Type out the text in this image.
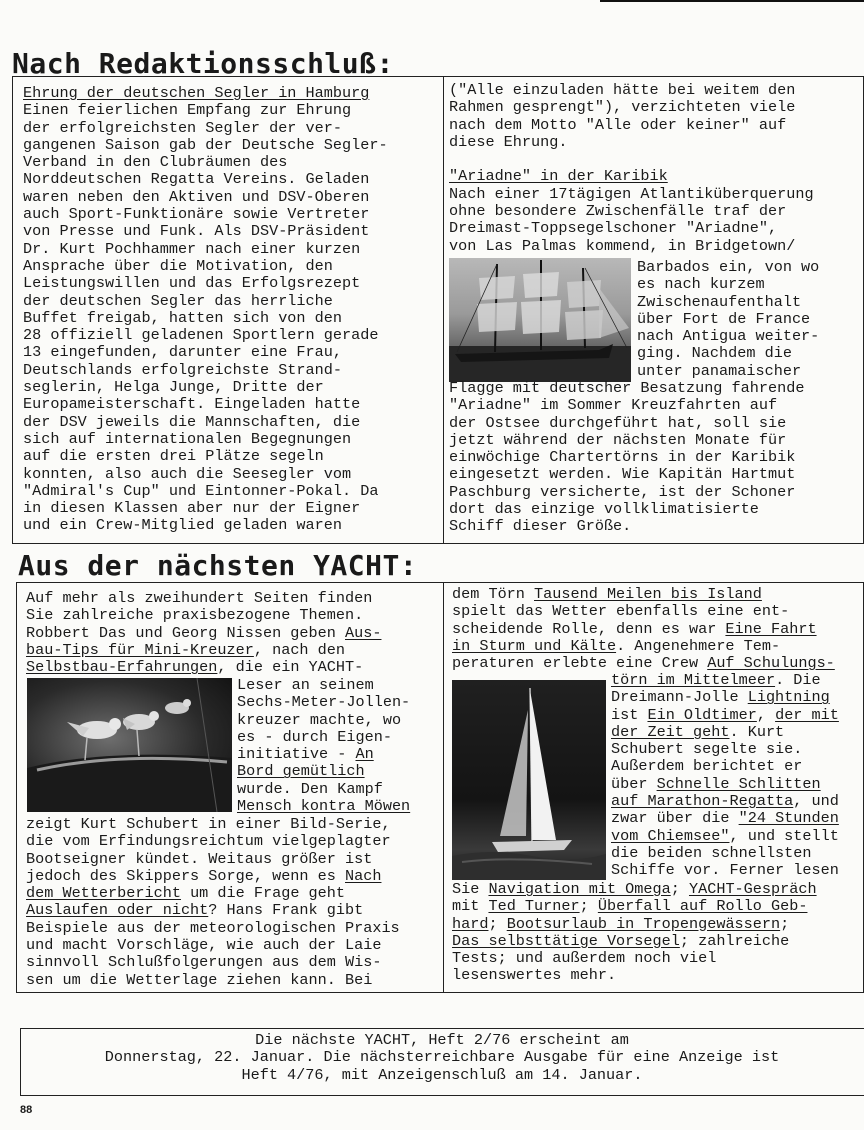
Nach Redaktionsschluß:

Ehrung der deutschen Segler in Hamburg

Einen feierlichen Empfang zur Ehrung

der erfolgreichsten Segler der ver-

gangenen Saison gab der Deutsche Segler-

Verband in den Clubräumen des

Norddeutschen Regatta Vereins. Geladen

waren neben den Aktiven und DSV-Oberen

auch Sport-Funktionäre sowie Vertreter

von Presse und Funk. Als DSV-Präsident

Dr. Kurt Pochhammer nach einer kurzen

Ansprache über die Motivation, den

Leistungswillen und das Erfolgsrezept

der deutschen Segler das herrliche

Buffet freigab, hatten sich von den

28 offiziell geladenen Sportlern gerade

13 eingefunden, darunter eine Frau,

Deutschlands erfolgreichste Strand-

seglerin, Helga Junge, Dritte der

Europameisterschaft. Eingeladen hatte

der DSV jeweils die Mannschaften, die

sich auf internationalen Begegnungen

auf die ersten drei Plätze segeln

konnten, also auch die Seesegler vom

"Admiral's Cup" und Eintonner-Pokal. Da

in diesen Klassen aber nur der Eigner

und ein Crew-Mitglied geladen waren

("Alle einzuladen hätte bei weitem den

Rahmen gesprengt"), verzichteten viele

nach dem Motto "Alle oder keiner" auf

diese Ehrung.

"Ariadne" in der Karibik

Nach einer 17tägigen Atlantiküberquerung

ohne besondere Zwischenfälle traf der

Dreimast-Toppsegelschoner "Ariadne",

von Las Palmas kommend, in Bridgetown/

Barbados ein, von wo

es nach kurzem

Zwischenaufenthalt

über Fort de France

nach Antigua weiter-

ging. Nachdem die

unter panamaischer

Flagge mit deutscher Besatzung fahrende

"Ariadne" im Sommer Kreuzfahrten auf

der Ostsee durchgeführt hat, soll sie

jetzt während der nächsten Monate für

einwöchige Chartertörns in der Karibik

eingesetzt werden. Wie Kapitän Hartmut

Paschburg versicherte, ist der Schoner

dort das einzige vollklimatisierte

Schiff dieser Größe.

Aus der nächsten YACHT:

Auf mehr als zweihundert Seiten finden

Sie zahlreiche praxisbezogene Themen.

Robbert Das und Georg Nissen geben Aus-

bau-Tips für Mini-Kreuzer, nach den

Selbstbau-Erfahrungen, die ein YACHT-

Leser an seinem

Sechs-Meter-Jollen-

kreuzer machte, wo

es - durch Eigen-

initiative - An

Bord gemütlich

wurde. Den Kampf

Mensch kontra Möwen

zeigt Kurt Schubert in einer Bild-Serie,

die vom Erfindungsreichtum vielgeplagter

Bootseigner kündet. Weitaus größer ist

jedoch des Skippers Sorge, wenn es Nach

dem Wetterbericht um die Frage geht

Auslaufen oder nicht? Hans Frank gibt

Beispiele aus der meteorologischen Praxis

und macht Vorschläge, wie auch der Laie

sinnvoll Schlußfolgerungen aus dem Wis-

sen um die Wetterlage ziehen kann. Bei

dem Törn Tausend Meilen bis Island

spielt das Wetter ebenfalls eine ent-

scheidende Rolle, denn es war Eine Fahrt

in Sturm und Kälte. Angenehmere Tem-

peraturen erlebte eine Crew Auf Schulungs-

törn im Mittelmeer. Die

Dreimann-Jolle Lightning

ist Ein Oldtimer, der mit

der Zeit geht. Kurt

Schubert segelte sie.

Außerdem berichtet er

über Schnelle Schlitten

auf Marathon-Regatta, und

zwar über die "24 Stunden

vom Chiemsee", und stellt

die beiden schnellsten

Schiffe vor. Ferner lesen

Sie Navigation mit Omega; YACHT-Gespräch

mit Ted Turner; Überfall auf Rollo Geb-

hard; Bootsurlaub in Tropengewässern;

Das selbsttätige Vorsegel; zahlreiche

Tests; und außerdem noch viel

lesenswertes mehr.

Die nächste YACHT, Heft 2/76 erscheint am

Donnerstag, 22. Januar. Die nächsterreichbare Ausgabe für eine Anzeige ist

Heft 4/76, mit Anzeigenschluß am 14. Januar.

88
